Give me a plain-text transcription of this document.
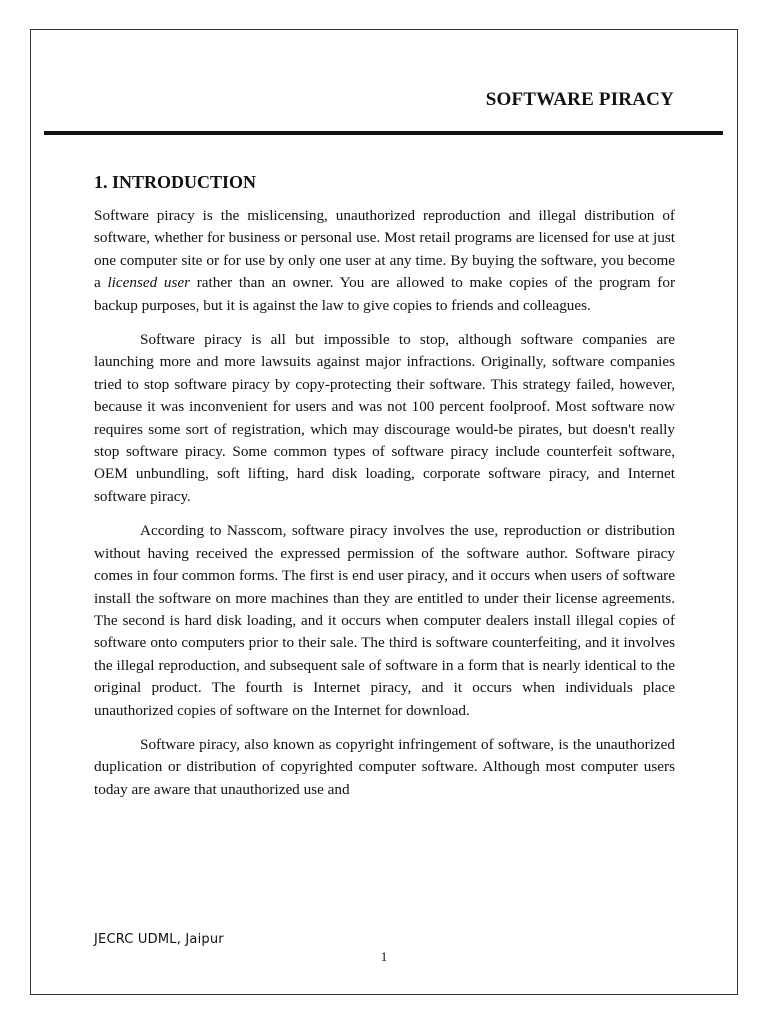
SOFTWARE PIRACY
1. INTRODUCTION

Software piracy is the mislicensing, unauthorized reproduction and illegal distribution of software, whether for business or personal use. Most retail programs are licensed for use at just one computer site or for use by only one user at any time. By buying the software, you become a licensed user rather than an owner. You are allowed to make copies of the program for backup purposes, but it is against the law to give copies to friends and colleagues.

Software piracy is all but impossible to stop, although software companies are launching more and more lawsuits against major infractions. Originally, software companies tried to stop software piracy by copy-protecting their software. This strategy failed, however, because it was inconvenient for users and was not 100 percent foolproof. Most software now requires some sort of registration, which may discourage would-be pirates, but doesn't really stop software piracy. Some common types of software piracy include counterfeit software, OEM unbundling, soft lifting, hard disk loading, corporate software piracy, and Internet software piracy.

According to Nasscom, software piracy involves the use, reproduction or distribution without having received the expressed permission of the software author. Software piracy comes in four common forms. The first is end user piracy, and it occurs when users of software install the software on more machines than they are entitled to under their license agreements. The second is hard disk loading, and it occurs when computer dealers install illegal copies of software onto computers prior to their sale. The third is software counterfeiting, and it involves the illegal reproduction, and subsequent sale of software in a form that is nearly identical to the original product. The fourth is Internet piracy, and it occurs when individuals place unauthorized copies of software on the Internet for download.

Software piracy, also known as copyright infringement of software, is the unauthorized duplication or distribution of copyrighted computer software. Although most computer users today are aware that unauthorized use and

JECRC UDML, Jaipur
1
